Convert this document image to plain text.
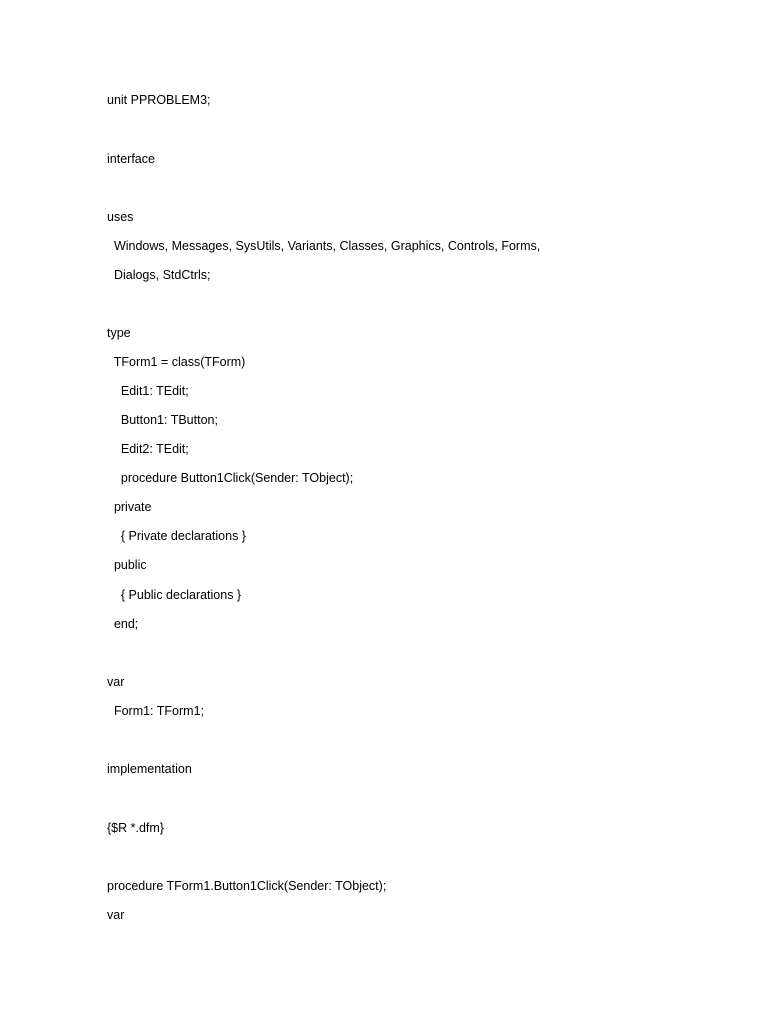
unit PPROBLEM3;
interface
uses
Windows, Messages, SysUtils, Variants, Classes, Graphics, Controls, Forms,
Dialogs, StdCtrls;
type
TForm1 = class(TForm)
Edit1: TEdit;
Button1: TButton;
Edit2: TEdit;
procedure Button1Click(Sender: TObject);
private
{ Private declarations }
public
{ Public declarations }
end;
var
Form1: TForm1;
implementation
{$R *.dfm}
procedure TForm1.Button1Click(Sender: TObject);
var
